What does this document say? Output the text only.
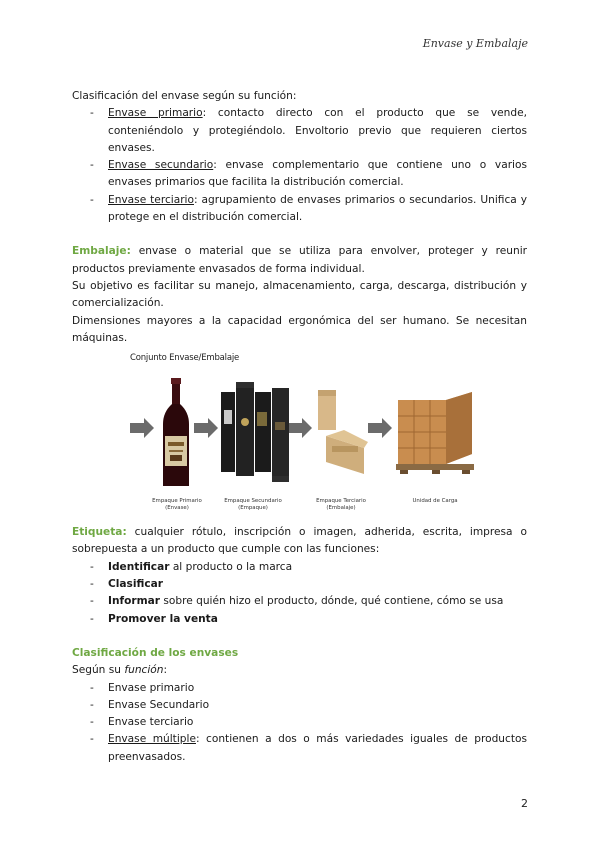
Envase y Embalaje

Clasificación del envase según su función:

- Envase primario: contacto directo con el producto que se vende, conteniéndolo y protegiéndolo. Envoltorio previo que requieren ciertos envases.
- Envase secundario: envase complementario que contiene uno o varios envases primarios que facilita la distribución comercial.
- Envase terciario: agrupamiento de envases primarios o secundarios. Unifica y protege en el distribución comercial.

Embalaje: envase o material que se utiliza para envolver, proteger y reunir productos previamente envasados de forma individual.

Su objetivo es facilitar su manejo, almacenamiento, carga, descarga, distribución y comercialización.

Dimensiones mayores a la capacidad ergonómica del ser humano. Se necesitan máquinas.

Conjunto Envase/Embalaje
Empaque Primario
(Envase)
Empaque Secundario
(Empaque)
Empaque Terciario
(Embalaje)
Unidad de Carga

Etiqueta: cualquier rótulo, inscripción o imagen, adherida, escrita, impresa o sobrepuesta a un producto que cumple con las funciones:

- Identificar al producto o la marca
- Clasificar
- Informar sobre quién hizo el producto, dónde, qué contiene, cómo se usa
- Promover la venta

Clasificación de los envases

Según su función:

- Envase primario
- Envase Secundario
- Envase terciario
- Envase múltiple: contienen a dos o más variedades iguales de productos preenvasados.
2
